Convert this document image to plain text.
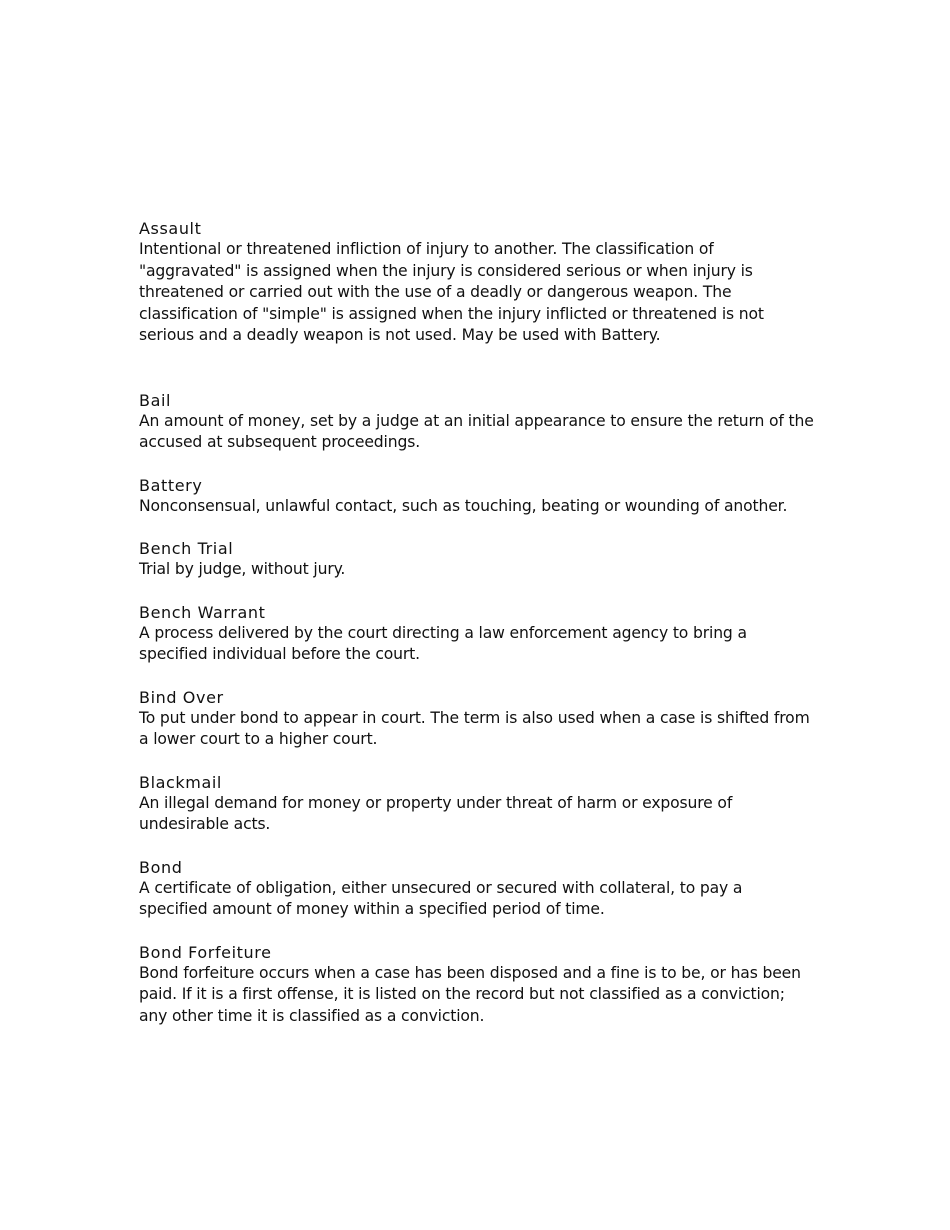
Assault
Intentional or threatened infliction of injury to another. The classification of "aggravated" is assigned when the injury is considered serious or when injury is threatened or carried out with the use of a deadly or dangerous weapon. The classification of "simple" is assigned when the injury inflicted or threatened is not serious and a deadly weapon is not used. May be used with Battery.
Bail
An amount of money, set by a judge at an initial appearance to ensure the return of the accused at subsequent proceedings.
Battery
Nonconsensual, unlawful contact, such as touching, beating or wounding of another.
Bench Trial
Trial by judge, without jury.
Bench Warrant
A process delivered by the court directing a law enforcement agency to bring a specified individual before the court.
Bind Over
To put under bond to appear in court. The term is also used when a case is shifted from a lower court to a higher court.
Blackmail
An illegal demand for money or property under threat of harm or exposure of undesirable acts.
Bond
A certificate of obligation, either unsecured or secured with collateral, to pay a specified amount of money within a specified period of time.
Bond Forfeiture
Bond forfeiture occurs when a case has been disposed and a fine is to be, or has been paid. If it is a first offense, it is listed on the record but not classified as a conviction; any other time it is classified as a conviction.
